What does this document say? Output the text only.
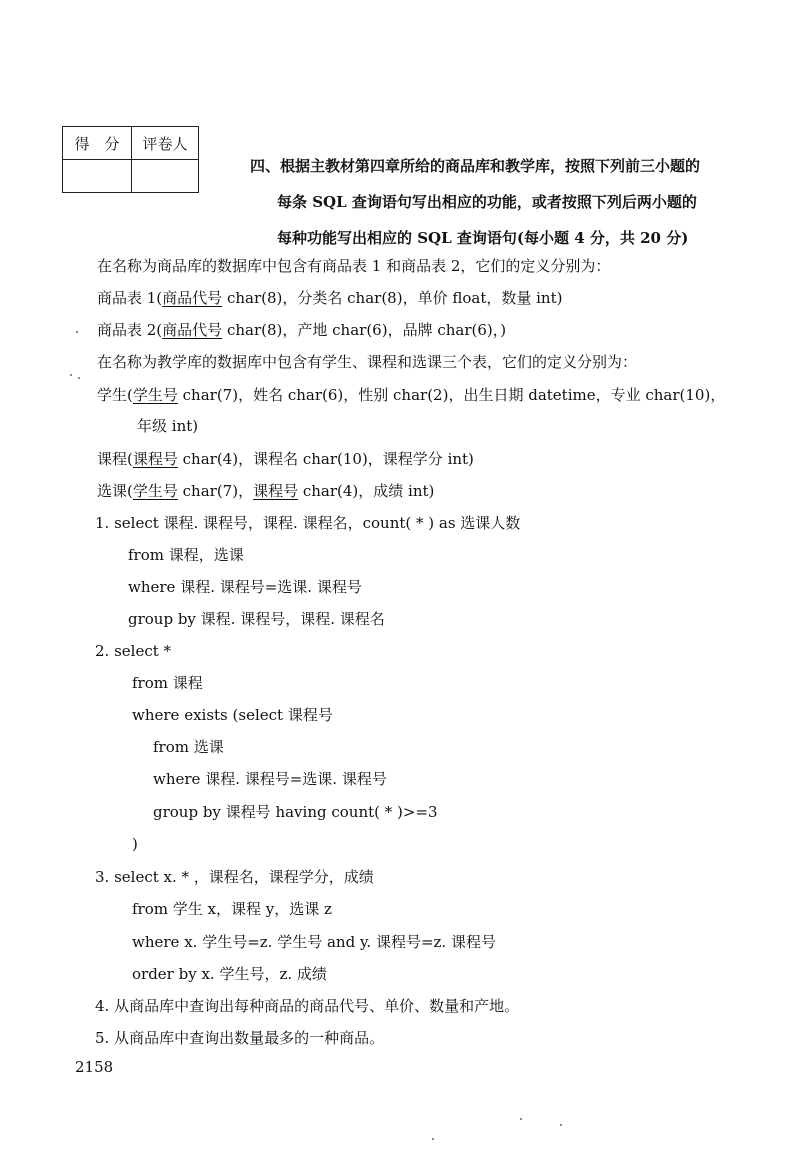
得　分	评卷人

四、根据主教材第四章所给的商品库和教学库，按照下列前三小题的
每条 SQL 查询语句写出相应的功能，或者按照下列后两小题的
每种功能写出相应的 SQL 查询语句(每小题 4 分，共 20 分)
在名称为商品库的数据库中包含有商品表 1 和商品表 2，它们的定义分别为：
商品表 1(商品代号 char(8)，分类名 char(8)，单价 float，数量 int)
商品表 2(商品代号 char(8)，产地 char(6)，品牌 char(6)，)
在名称为教学库的数据库中包含有学生、课程和选课三个表，它们的定义分别为：
学生(学生号 char(7)，姓名 char(6)，性别 char(2)，出生日期 datetime，专业 char(10)，
年级 int)
课程(课程号 char(4)，课程名 char(10)，课程学分 int)
选课(学生号 char(7)，课程号 char(4)，成绩 int)
1. select 课程. 课程号，课程. 课程名，count( * ) as 选课人数
from 课程，选课
where 课程. 课程号=选课. 课程号
group by 课程. 课程号，课程. 课程名
2. select *
from 课程
where exists (select 课程号
from 选课
where 课程. 课程号=选课. 课程号
group by 课程号 having count( * )>=3
)
3. select x. * ，课程名，课程学分，成绩
from 学生 x，课程 y，选课 z
where x. 学生号=z. 学生号 and y. 课程号=z. 课程号
order by x. 学生号，z. 成绩
4. 从商品库中查询出每种商品的商品代号、单价、数量和产地。
5. 从商品库中查询出数量最多的一种商品。
2158
